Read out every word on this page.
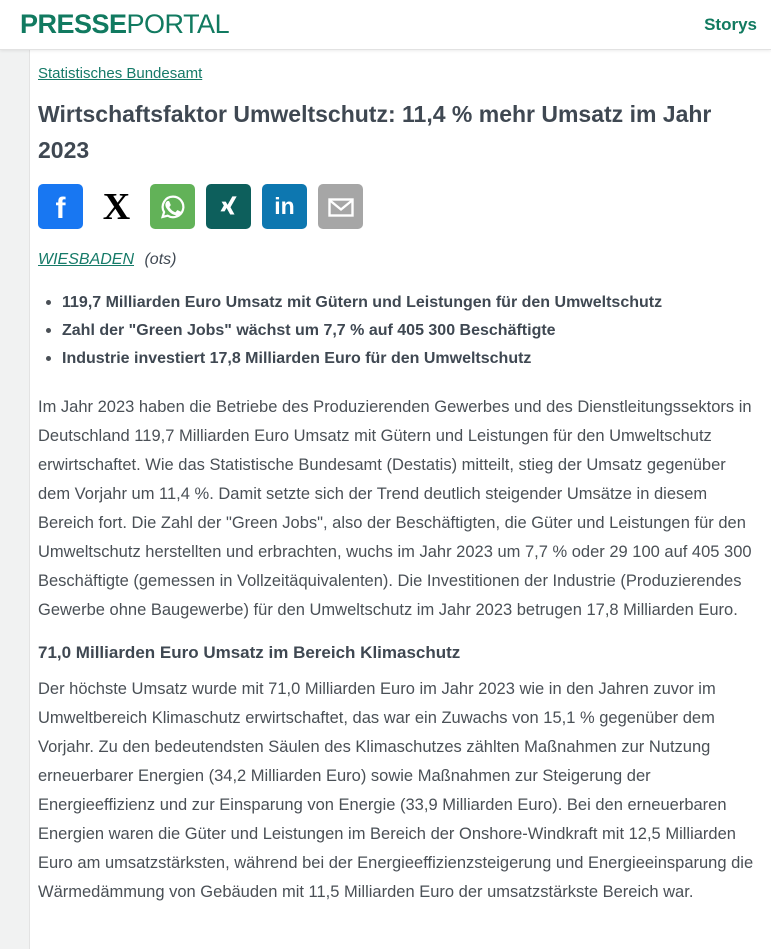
PRESSEPORTAL	Storys
Statistisches Bundesamt
Wirtschaftsfaktor Umweltschutz: 11,4 % mehr Umsatz im Jahr 2023
f X	in
WIESBADEN (ots)
119,7 Milliarden Euro Umsatz mit Gütern und Leistungen für den Umweltschutz
Zahl der "Green Jobs" wächst um 7,7 % auf 405 300 Beschäftigte
Industrie investiert 17,8 Milliarden Euro für den Umweltschutz

Im Jahr 2023 haben die Betriebe des Produzierenden Gewerbes und des Dienstleitungssektors in Deutschland 119,7 Milliarden Euro Umsatz mit Gütern und Leistungen für den Umweltschutz erwirtschaftet. Wie das Statistische Bundesamt (Destatis) mitteilt, stieg der Umsatz gegenüber dem Vorjahr um 11,4 %. Damit setzte sich der Trend deutlich steigender Umsätze in diesem Bereich fort. Die Zahl der "Green Jobs", also der Beschäftigten, die Güter und Leistungen für den Umweltschutz herstellten und erbrachten, wuchs im Jahr 2023 um 7,7 % oder 29 100 auf 405 300 Beschäftigte (gemessen in Vollzeitäquivalenten). Die Investitionen der Industrie (Produzierendes Gewerbe ohne Baugewerbe) für den Umweltschutz im Jahr 2023 betrugen 17,8 Milliarden Euro.

71,0 Milliarden Euro Umsatz im Bereich Klimaschutz

Der höchste Umsatz wurde mit 71,0 Milliarden Euro im Jahr 2023 wie in den Jahren zuvor im Umweltbereich Klimaschutz erwirtschaftet, das war ein Zuwachs von 15,1 % gegenüber dem Vorjahr. Zu den bedeutendsten Säulen des Klimaschutzes zählten Maßnahmen zur Nutzung erneuerbarer Energien (34,2 Milliarden Euro) sowie Maßnahmen zur Steigerung der Energieeffizienz und zur Einsparung von Energie (33,9 Milliarden Euro). Bei den erneuerbaren Energien waren die Güter und Leistungen im Bereich der Onshore-Windkraft mit 12,5 Milliarden Euro am umsatzstärksten, während bei der Energieeffizienzsteigerung und Energieeinsparung die Wärmedämmung von Gebäuden mit 11,5 Milliarden Euro der umsatzstärkste Bereich war.
